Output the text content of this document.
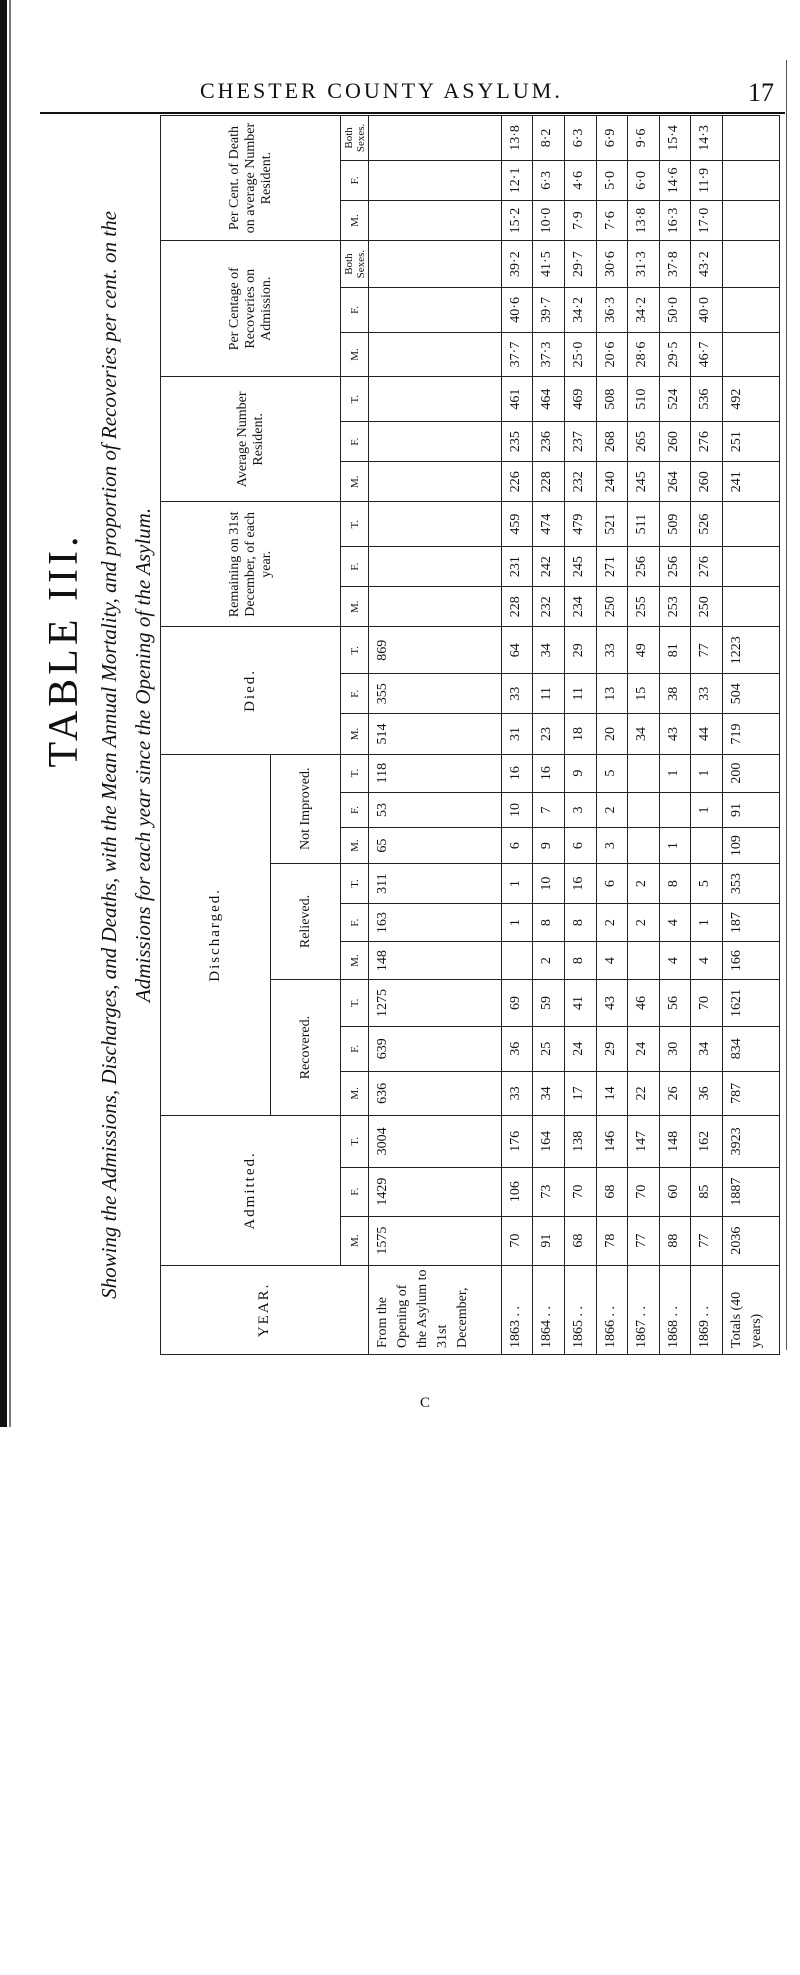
CHESTER COUNTY ASYLUM.	17
TABLE III. Showing the Admissions, Discharges, and Deaths, with the Mean Annual Mortality, and proportion of Recoveries per cent. on the Admissions for each year since the Opening of the Asylum.
YEAR.	Admitted.			Discharged.									Died.			Remaining on 31st December, of each year.			Average Number Resident.			Per Centage of Recoveries on Admission.			Per Cent. of Death on average Number Resident.		
				Recovered.			Relieved.			Not Improved.																	
	M.	F.	T.	M.	F.	T.	M.	F.	T.	M.	F.	T.	M.	F.	T.	M.	F.	T.	M.	F.	T.	M.	F.	Both Sexes.	M.	F.	Both Sexes.
From the Opening of the Asylum to 31st December,	1575	1429	3004	636	639	1275	148	163	311	65	53	118	514	355	869												
1863 . .	70	106	176	33	36	69		1	1	6	10	16	31	33	64	228	231	459	226	235	461	37·7	40·6	39·2	15·2	12·1	13·8
1864 . .	91	73	164	34	25	59	2	8	10	9	7	16	23	11	34	232	242	474	228	236	464	37·3	39·7	41·5	10·0	6·3	8·2
1865 . .	68	70	138	17	24	41	8	8	16	6	3	9	18	11	29	234	245	479	232	237	469	25·0	34·2	29·7	7·9	4·6	6·3
1866 . .	78	68	146	14	29	43	4	2	6	3	2	5	20	13	33	250	271	521	240	268	508	20·6	36·3	30·6	7·6	5·0	6·9
1867 . .	77	70	147	22	24	46		2	2				34	15	49	255	256	511	245	265	510	28·6	34·2	31·3	13·8	6·0	9·6
1868 . .	88	60	148	26	30	56	4	4	8	1		1	43	38	81	253	256	509	264	260	524	29·5	50·0	37·8	16·3	14·6	15·4
1869 . .	77	85	162	36	34	70	4	1	5		1	1	44	33	77	250	276	526	260	276	536	46·7	40·0	43·2	17·0	11·9	14·3
Totals (40 years)	2036	1887	3923	787	834	1621	166	187	353	109	91	200	719	504	1223				241	251	492						
C
